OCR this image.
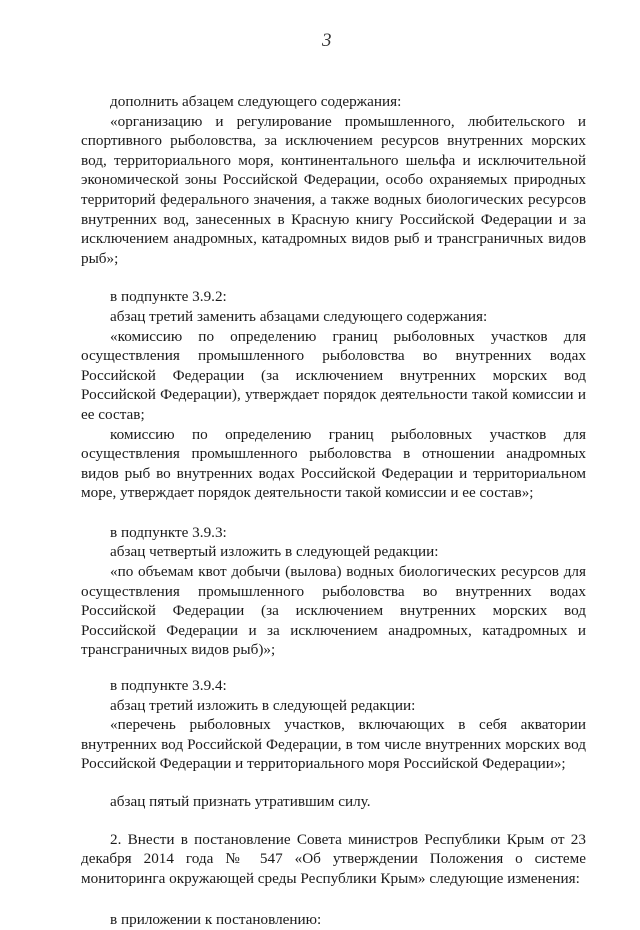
3

дополнить абзацем следующего содержания:

«организацию и регулирование промышленного, любительского и спортивного рыболовства, за исключением ресурсов внутренних морских вод, территориального моря, континентального шельфа и исключительной экономической зоны Российской Федерации, особо охраняемых природных территорий федерального значения, а также водных биологических ресурсов внутренних вод, занесенных в Красную книгу Российской Федерации и за исключением анадромных, катадромных видов рыб и трансграничных видов рыб»;

в подпункте 3.9.2:

абзац третий заменить абзацами следующего содержания:

«комиссию по определению границ рыболовных участков для осуществления промышленного рыболовства во внутренних водах Российской Федерации (за исключением внутренних морских вод Российской Федерации), утверждает порядок деятельности такой комиссии и ее состав;

комиссию по определению границ рыболовных участков для осуществления промышленного рыболовства в отношении анадромных видов рыб во внутренних водах Российской Федерации и территориальном море, утверждает порядок деятельности такой комиссии и ее состав»;

в подпункте 3.9.3:

абзац четвертый изложить в следующей редакции:

«по объемам квот добычи (вылова) водных биологических ресурсов для осуществления промышленного рыболовства во внутренних водах Российской Федерации (за исключением внутренних морских вод Российской Федерации и за исключением анадромных, катадромных и трансграничных видов рыб)»;

в подпункте 3.9.4:

абзац третий изложить в следующей редакции:

«перечень рыболовных участков, включающих в себя акватории внутренних вод Российской Федерации, в том числе внутренних морских вод Российской Федерации и территориального моря Российской Федерации»;

абзац пятый признать утратившим силу.

2. Внести в постановление Совета министров Республики Крым от 23 декабря 2014 года № 547 «Об утверждении Положения о системе мониторинга окружающей среды Республики Крым» следующие изменения:

в приложении к постановлению:
